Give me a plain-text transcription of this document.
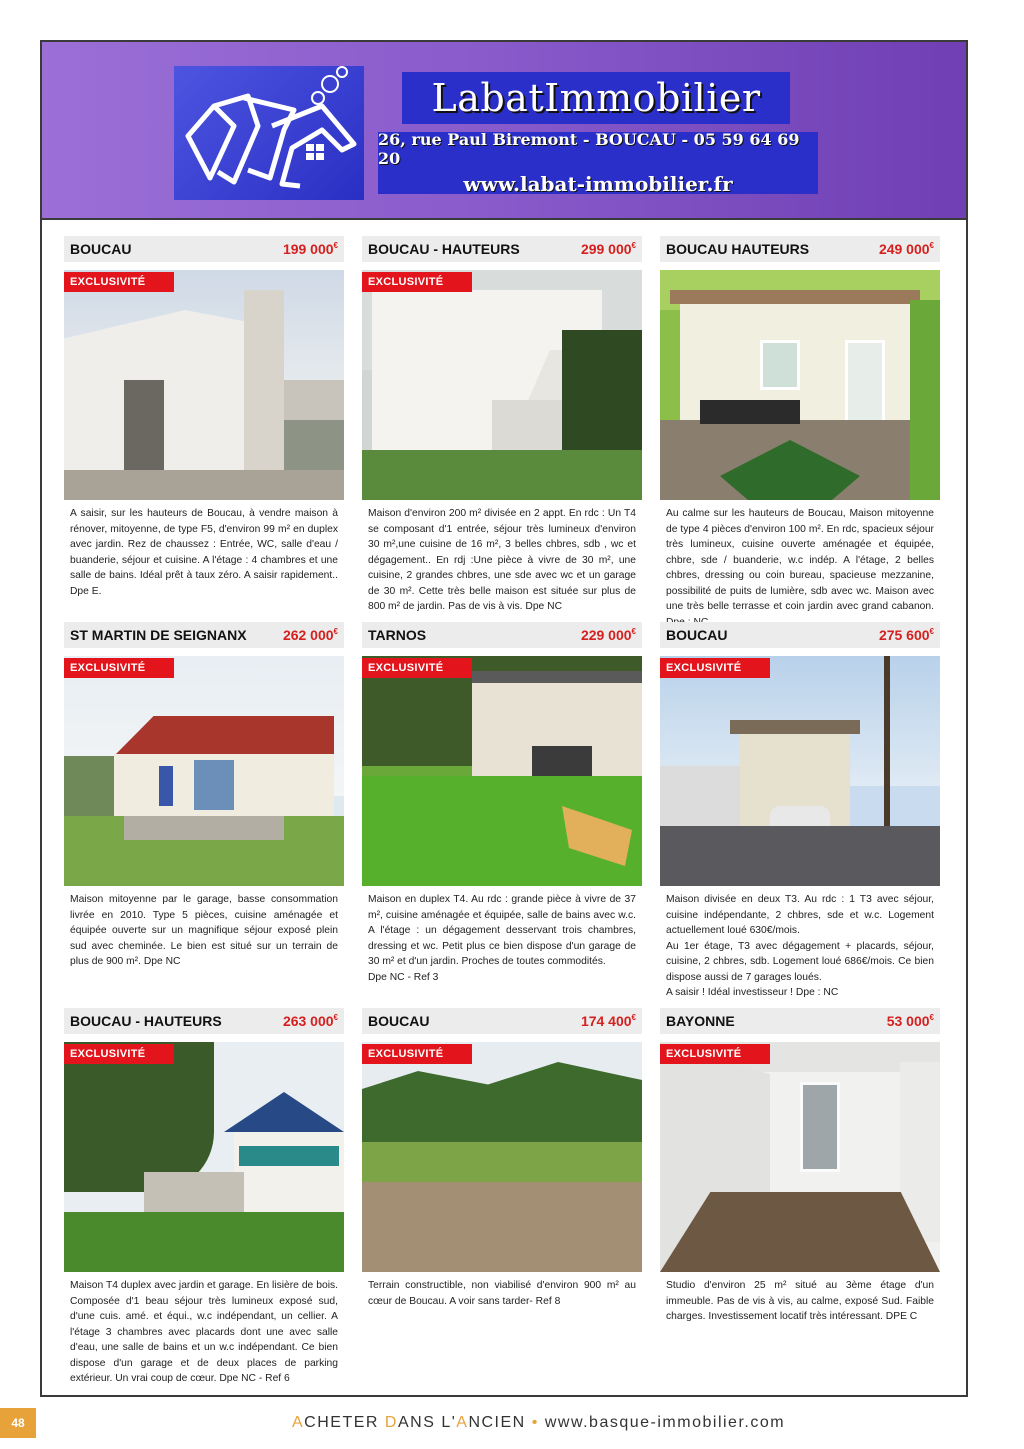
LabatImmobilier
26, rue Paul Biremont - BOUCAU - 05 59 64 69 20
www.labat-immobilier.fr
BOUCAU	199 000€
EXCLUSIVITÉ

A saisir, sur les hauteurs de Boucau, à vendre maison à rénover, mitoyenne, de type F5, d'environ 99 m² en duplex avec jardin. Rez de chaussez : Entrée, WC, salle d'eau / buanderie, séjour et cuisine. A l'étage : 4 chambres et une salle de bains. Idéal prêt à taux zéro. A saisir rapidement.. Dpe E.

BOUCAU - HAUTEURS	299 000€
EXCLUSIVITÉ

Maison d'environ 200 m² divisée en 2 appt. En rdc : Un T4 se composant d'1 entrée, séjour très lumineux d'environ 30 m²,une cuisine de 16 m², 3 belles chbres, sdb , wc et dégagement.. En rdj :Une pièce à vivre de 30 m², une cuisine, 2 grandes chbres, une sde avec wc et un garage de 30 m². Cette très belle maison est située sur plus de 800 m² de jardin. Pas de vis à vis. Dpe NC

BOUCAU HAUTEURS	249 000€

Au calme sur les hauteurs de Boucau, Maison mitoyenne de type 4 pièces d'environ 100 m². En rdc, spacieux séjour très lumineux, cuisine ouverte aménagée et équipée, chbre, sde / buanderie, w.c indép. A l'étage, 2 belles chbres, dressing ou coin bureau, spacieuse mezzanine, possibilité de puits de lumière, sdb avec wc. Maison avec une très belle terrasse et coin jardin avec grand cabanon.

ST MARTIN DE SEIGNANX	262 000€
EXCLUSIVITÉ

Maison mitoyenne par le garage, basse consommation livrée en 2010. Type 5 pièces, cuisine aménagée et équipée ouverte sur un magnifique séjour exposé plein sud avec cheminée. Le bien est situé sur un terrain de plus de 900 m². Dpe NC

TARNOS	229 000€
EXCLUSIVITÉ

Maison en duplex T4. Au rdc : grande pièce à vivre de 37 m², cuisine aménagée et équipée, salle de bains avec w.c. A l'étage : un dégagement desservant trois chambres, dressing et wc. Petit plus ce bien dispose d'un garage de 30 m² et d'un jardin. Proches de toutes commodités.

Dpe NC - Ref 3

BOUCAU	275 600€
EXCLUSIVITÉ

Maison divisée en deux T3. Au rdc : 1 T3 avec séjour, cuisine indépendante, 2 chbres, sde et w.c. Logement actuellement loué 630€/mois.

Au 1er étage, T3 avec dégagement + placards, séjour, cuisine, 2 chbres, sdb. Logement loué 686€/mois. Ce bien dispose aussi de 7 garages loués.

A saisir ! Idéal investisseur ! Dpe : NC

BOUCAU - HAUTEURS	263 000€
EXCLUSIVITÉ

Maison T4 duplex avec jardin et garage. En lisière de bois. Composée d'1 beau séjour très lumineux exposé sud, d'une cuis. amé. et équi., w.c indépendant, un cellier. A l'étage 3 chambres avec placards dont une avec salle d'eau, une salle de bains et un w.c indépendant. Ce bien dispose d'un garage et de deux places de parking extérieur. Un vrai coup de cœur. Dpe NC - Ref 6

BOUCAU	174 400€
EXCLUSIVITÉ

Terrain constructible, non viabilisé d'environ 900 m² au cœur de Boucau. A voir sans tarder- Ref 8

BAYONNE	53 000€
EXCLUSIVITÉ

Studio d'environ 25 m² situé au 3ème étage d'un immeuble. Pas de vis à vis, au calme, exposé Sud. Faible charges. Investissement locatif très intéressant. DPE C

48	ACHETER DANS L'ANCIEN • www.basque-immobilier.com
